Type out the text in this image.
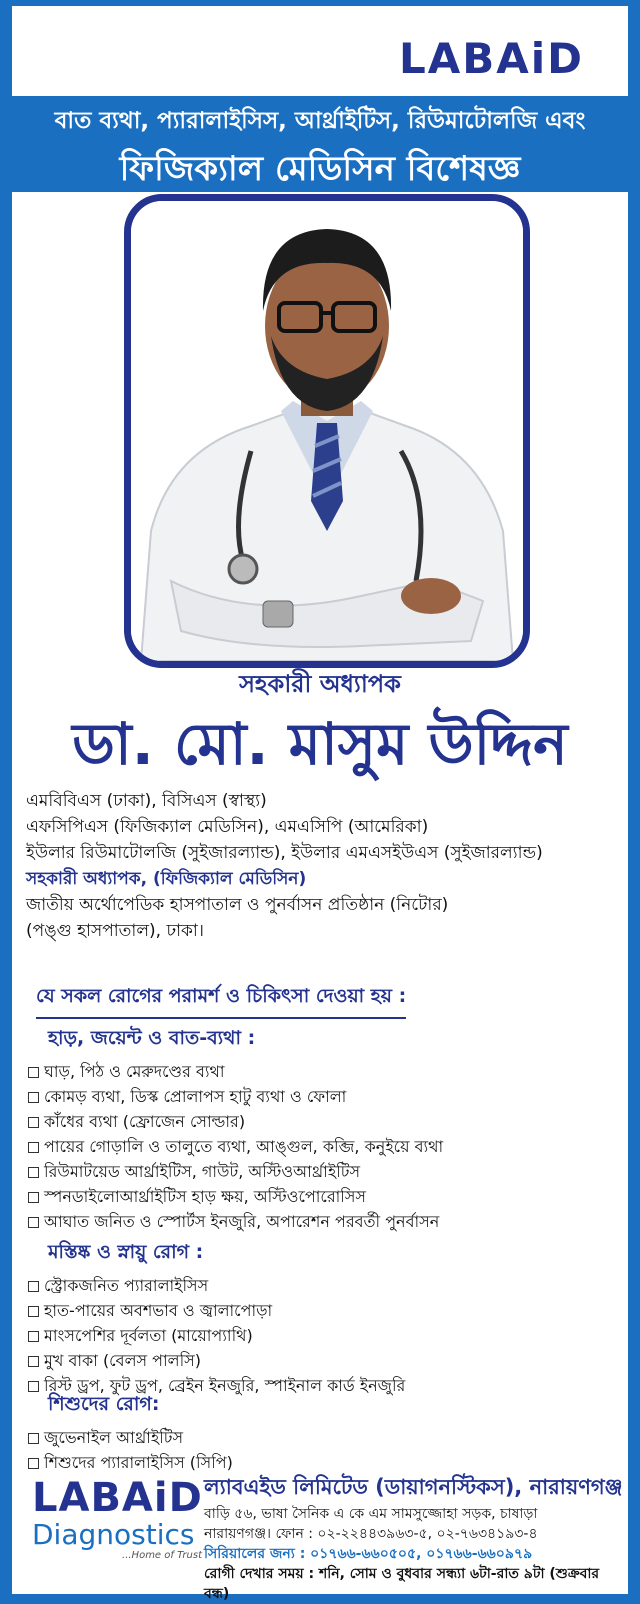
LABAiD
বাত ব্যথা, প্যারালাইসিস, আর্থ্রাইটিস, রিউমাটোলজি এবং
ফিজিক্যাল মেডিসিন বিশেষজ্ঞ
সহকারী অধ্যাপক
ডা. মো. মাসুম উদ্দিন
এমবিবিএস (ঢাকা), বিসিএস (স্বাস্থ্য)
এফসিপিএস (ফিজিক্যাল মেডিসিন), এমএসিপি (আমেরিকা)
ইউলার রিউমাটোলজি (সুইজারল্যান্ড), ইউলার এমএসইউএস (সুইজারল্যান্ড)
সহকারী অধ্যাপক, (ফিজিক্যাল মেডিসিন)
জাতীয় অর্থোপেডিক হাসপাতাল ও পুনর্বাসন প্রতিষ্ঠান (নিটোর)
(পঙ্গু হাসপাতাল), ঢাকা।
যে সকল রোগের পরামর্শ ও চিকিৎসা দেওয়া হয় :
হাড়, জয়েন্ট ও বাত-ব্যথা :
ঘাড়, পিঠ ও মেরুদণ্ডের ব্যথা
কোমড় ব্যথা, ডিস্ক প্রোলাপস হাটু ব্যথা ও ফোলা
কাঁধের ব্যথা (ফ্রোজেন সোল্ডার)
পায়ের গোড়ালি ও তালুতে ব্যথা, আঙ্গুল, কব্জি, কনুইয়ে ব্যথা
রিউমাটয়েড আর্থ্রাইটিস, গাউট, অস্টিওআর্থ্রাইটিস
স্পনডাইলোআর্থ্রাইটিস হাড় ক্ষয়, অস্টিওপোরোসিস
আঘাত জনিত ও স্পোর্টস ইনজুরি, অপারেশন পরবর্তী পুনর্বাসন
মস্তিষ্ক ও স্নায়ু রোগ :
স্ট্রোকজনিত প্যারালাইসিস
হাত-পায়ের অবশভাব ও জ্বালাপোড়া
মাংসপেশির দূর্বলতা (মায়োপ্যাথি)
মুখ বাকা (বেলস পালসি)
রিস্ট ড্রপ, ফুট ড্রপ, ব্রেইন ইনজুরি, স্পাইনাল কার্ড ইনজুরি
শিশুদের রোগ:
জুভেনাইল আর্থ্রাইটিস
শিশুদের প্যারালাইসিস (সিপি)
LABAiD
Diagnostics
...Home of Trust
ল্যাবএইড লিমিটেড (ডায়াগনস্টিকস), নারায়ণগঞ্জ
বাড়ি ৫৬, ভাষা সৈনিক এ কে এম সামসুজ্জোহা সড়ক, চাষাড়া
নারায়ণগঞ্জ। ফোন : ০২-২২৪৪৩৯৬৩-৫, ০২-৭৬৩৪১৯৩-৪
সিরিয়ালের জন্য : ০১৭৬৬-৬৬০৫০৫, ০১৭৬৬-৬৬০৯৭৯
রোগী দেখার সময় : শনি, সোম ও বুধবার সন্ধ্যা ৬টা-রাত ৯টা (শুক্রবার বন্ধ)
